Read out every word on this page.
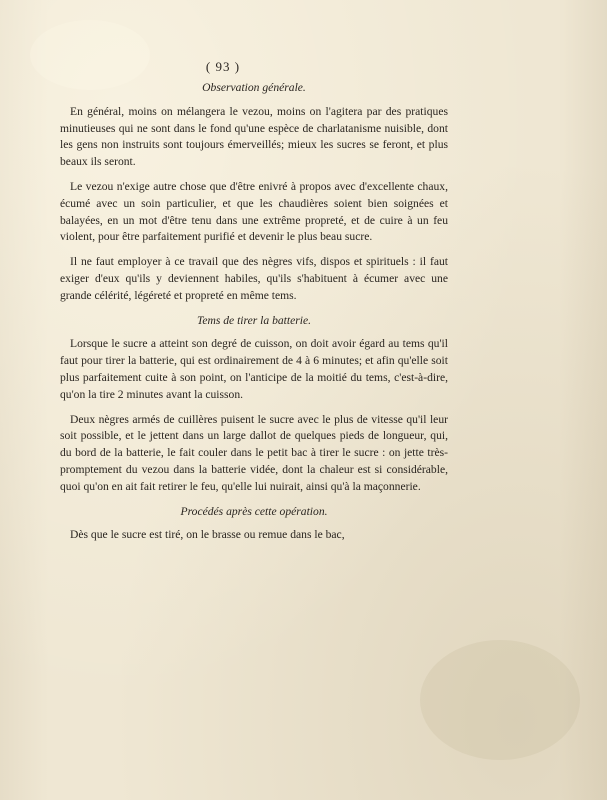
( 93 )
Observation générale.

En général, moins on mélangera le vezou, moins on l'agitera par des pratiques minutieuses qui ne sont dans le fond qu'une espèce de charlatanisme nuisible, dont les gens non instruits sont toujours émerveillés; mieux les sucres se feront, et plus beaux ils seront.

Le vezou n'exige autre chose que d'être enivré à propos avec d'excellente chaux, écumé avec un soin particulier, et que les chaudières soient bien soignées et balayées, en un mot d'être tenu dans une extrême propreté, et de cuire à un feu violent, pour être parfaitement purifié et devenir le plus beau sucre.

Il ne faut employer à ce travail que des nègres vifs, dispos et spirituels : il faut exiger d'eux qu'ils y deviennent habiles, qu'ils s'habituent à écumer avec une grande célérité, légéreté et propreté en même tems.

Tems de tirer la batterie.

Lorsque le sucre a atteint son degré de cuisson, on doit avoir égard au tems qu'il faut pour tirer la batterie, qui est ordinairement de 4 à 6 minutes; et afin qu'elle soit plus parfaitement cuite à son point, on l'anticipe de la moitié du tems, c'est-à-dire, qu'on la tire 2 minutes avant la cuisson.

Deux nègres armés de cuillères puisent le sucre avec le plus de vitesse qu'il leur soit possible, et le jettent dans un large dallot de quelques pieds de longueur, qui, du bord de la batterie, le fait couler dans le petit bac à tirer le sucre : on jette très-promptement du vezou dans la batterie vidée, dont la chaleur est si considérable, quoi qu'on en ait fait retirer le feu, qu'elle lui nuirait, ainsi qu'à la maçonnerie.

Procédés après cette opération.

Dès que le sucre est tiré, on le brasse ou remue dans le bac,
